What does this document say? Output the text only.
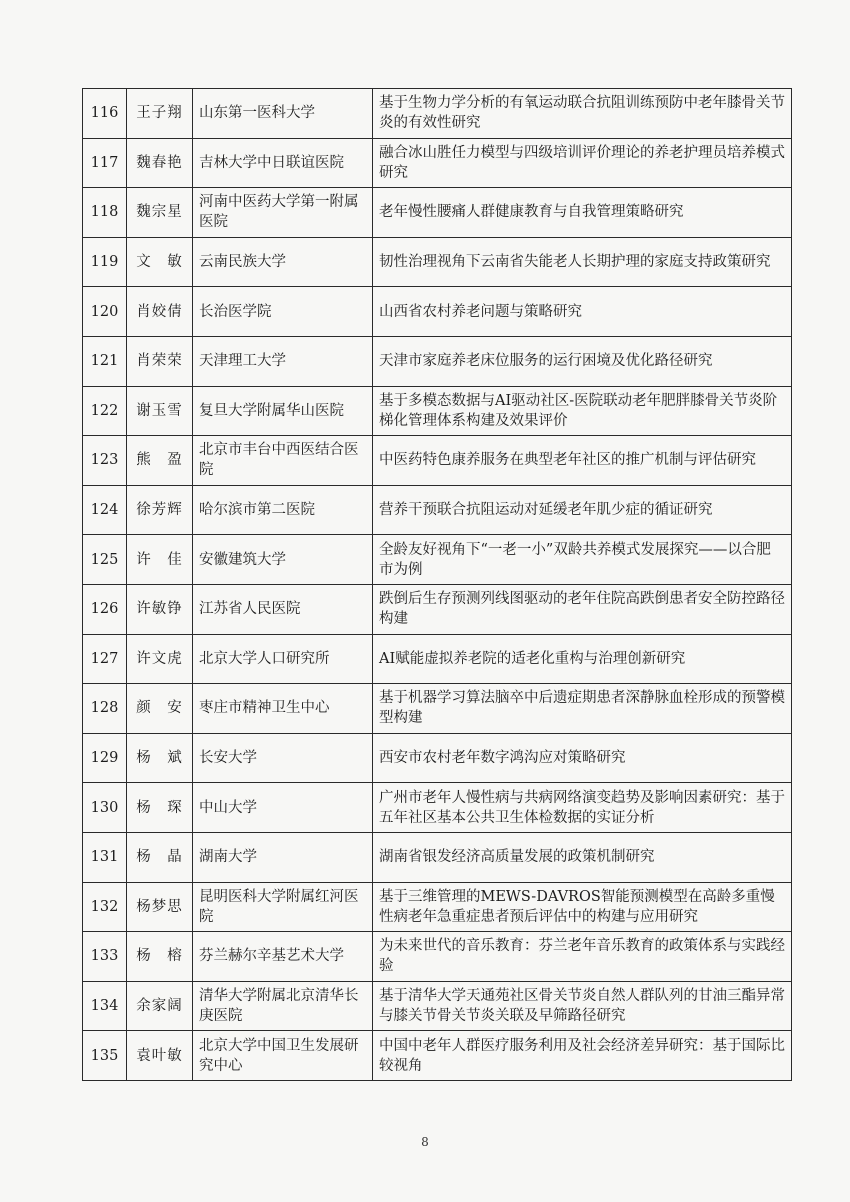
116	王子翔	山东第一医科大学	基于生物力学分析的有氧运动联合抗阻训练预防中老年膝骨关节炎的有效性研究
117	魏春艳	吉林大学中日联谊医院	融合冰山胜任力模型与四级培训评价理论的养老护理员培养模式研究
118	魏宗星	河南中医药大学第一附属医院	老年慢性腰痛人群健康教育与自我管理策略研究
119	文　敏	云南民族大学	韧性治理视角下云南省失能老人长期护理的家庭支持政策研究
120	肖姣倩	长治医学院	山西省农村养老问题与策略研究
121	肖荣荣	天津理工大学	天津市家庭养老床位服务的运行困境及优化路径研究
122	谢玉雪	复旦大学附属华山医院	基于多模态数据与AI驱动社区-医院联动老年肥胖膝骨关节炎阶梯化管理体系构建及效果评价
123	熊　盈	北京市丰台中西医结合医院	中医药特色康养服务在典型老年社区的推广机制与评估研究
124	徐芳辉	哈尔滨市第二医院	营养干预联合抗阻运动对延缓老年肌少症的循证研究
125	许　佳	安徽建筑大学	全龄友好视角下“一老一小”双龄共养模式发展探究——以合肥市为例
126	许敏铮	江苏省人民医院	跌倒后生存预测列线图驱动的老年住院高跌倒患者安全防控路径构建
127	许文虎	北京大学人口研究所	AI赋能虚拟养老院的适老化重构与治理创新研究
128	颜　安	枣庄市精神卫生中心	基于机器学习算法脑卒中后遗症期患者深静脉血栓形成的预警模型构建
129	杨　斌	长安大学	西安市农村老年数字鸿沟应对策略研究
130	杨　琛	中山大学	广州市老年人慢性病与共病网络演变趋势及影响因素研究：基于五年社区基本公共卫生体检数据的实证分析
131	杨　晶	湖南大学	湖南省银发经济高质量发展的政策机制研究
132	杨梦思	昆明医科大学附属红河医院	基于三维管理的MEWS-DAVROS智能预测模型在高龄多重慢性病老年急重症患者预后评估中的构建与应用研究
133	杨　榕	芬兰赫尔辛基艺术大学	为未来世代的音乐教育：芬兰老年音乐教育的政策体系与实践经验
134	余家阔	清华大学附属北京清华长庚医院	基于清华大学天通苑社区骨关节炎自然人群队列的甘油三酯异常与膝关节骨关节炎关联及早筛路径研究
135	袁叶敏	北京大学中国卫生发展研究中心	中国中老年人群医疗服务利用及社会经济差异研究：基于国际比较视角
8
